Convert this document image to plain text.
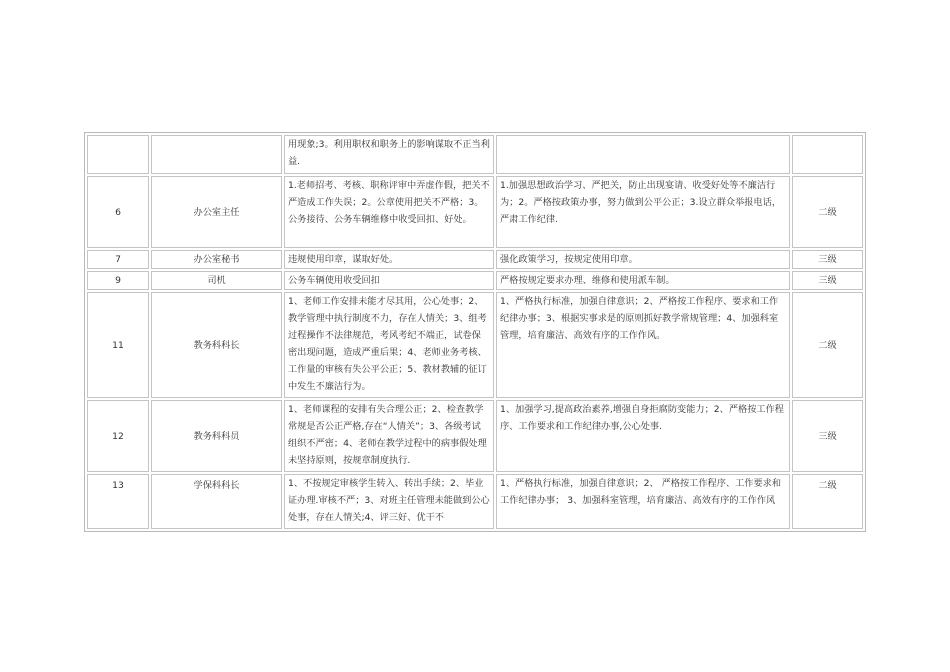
		用现象;3。利用职权和职务上的影响谋取不正当利益.		
6	办公室主任	1.老师招考、考核、职称评审中弄虚作假，把关不严造成工作失误；2。公章使用把关不严格；3。公务接待、公务车辆维修中收受回扣、好处。	1.加强思想政治学习、严把关，防止出现宴请、收受好处等不廉洁行为；2。严格按政策办事，努力做到公平公正；3.设立群众举报电话，严肃工作纪律.	二级
7	办公室秘书	违规使用印章，谋取好处。	强化政策学习，按规定使用印章。	三级
9	司机	公务车辆使用收受回扣	严格按规定要求办理、维修和使用派车制。	三级
11	教务科科长	1、老师工作安排未能才尽其用，公心处事；2、教学管理中执行制度不力，存在人情关；3、组考过程操作不法律规范，考风考纪不端正，试卷保密出现问题，造成严重后果；4、老师业务考核、工作量的审核有失公平公正；5、教材教辅的征订中发生不廉洁行为。	1、严格执行标准，加强自律意识；2、严格按工作程序、要求和工作纪律办事；3、根据实事求是的原则抓好教学常规管理；4、加强科室管理，培育廉洁、高效有序的工作作风。	二级
12	教务科科员	1、老师课程的安排有失合理公正；2、检查教学常规是否公正严格,存在“人情关”；3、各级考试组织不严密；4、老师在教学过程中的病事假处理未坚持原则，按规章制度执行.	1、加强学习,提高政治素养,增强自身拒腐防变能力；2、严格按工作程序、工作要求和工作纪律办事,公心处事.	三级
13	学保科科长	1、不按规定审核学生转入、转出手续；2、毕业证办理.审核不严；3、对班主任管理未能做到公心处事，存在人情关;4、评三好、优干不	1、严格执行标准，加强自律意识；2、 严格按工作程序、工作要求和工作纪律办事； 3、加强科室管理，培育廉洁、高效有序的工作作风	二级
